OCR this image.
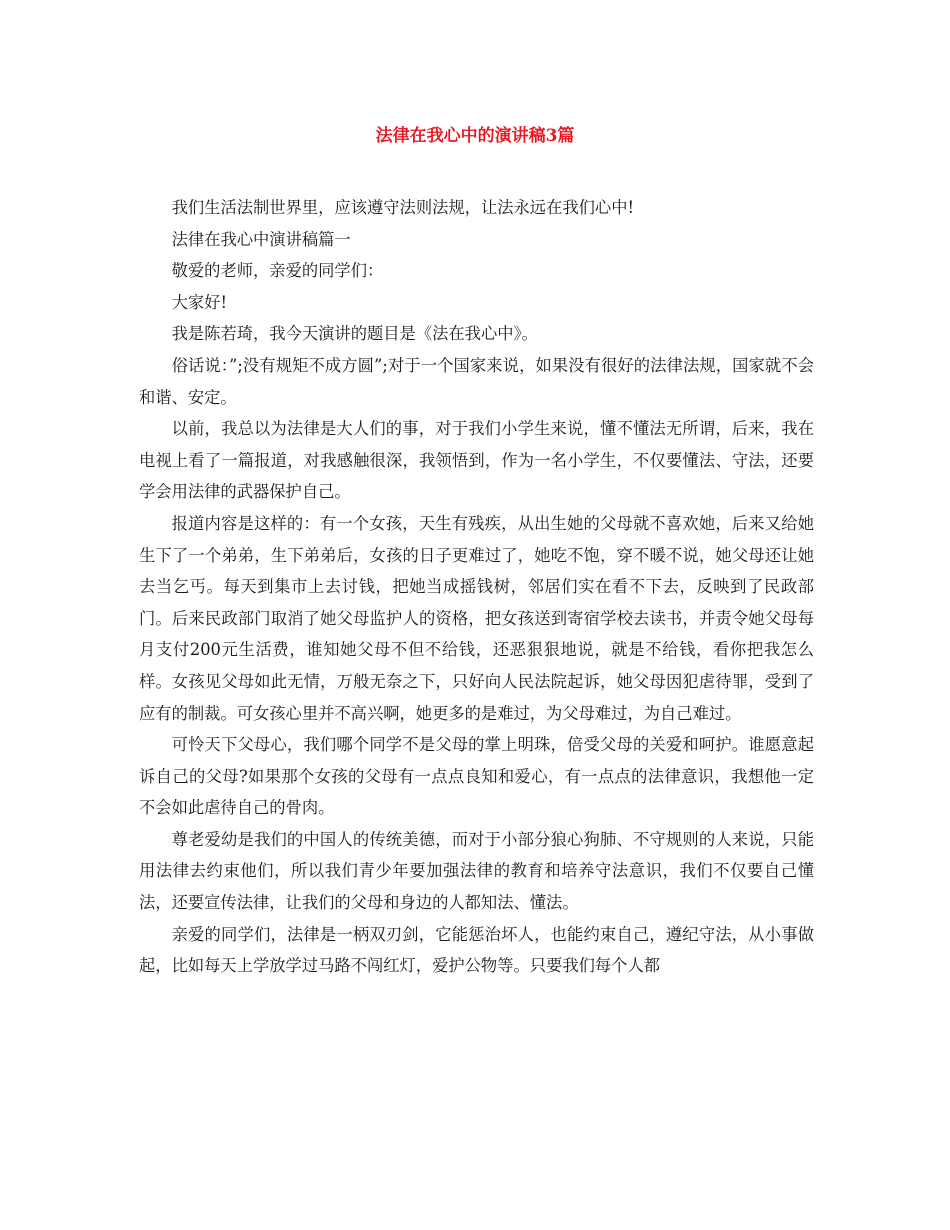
法律在我心中的演讲稿3篇

我们生活法制世界里，应该遵守法则法规，让法永远在我们心中!

法律在我心中演讲稿篇一

敬爱的老师，亲爱的同学们：

大家好!

我是陈若琦，我今天演讲的题目是《法在我心中》。

俗话说：”;没有规矩不成方圆”;对于一个国家来说，如果没有很好的法律法规，国家就不会和谐、安定。

以前，我总以为法律是大人们的事，对于我们小学生来说，懂不懂法无所谓，后来，我在电视上看了一篇报道，对我感触很深，我领悟到，作为一名小学生，不仅要懂法、守法，还要学会用法律的武器保护自己。

报道内容是这样的：有一个女孩，天生有残疾，从出生她的父母就不喜欢她，后来又给她生下了一个弟弟，生下弟弟后，女孩的日子更难过了，她吃不饱，穿不暖不说，她父母还让她去当乞丐。每天到集市上去讨钱，把她当成摇钱树，邻居们实在看不下去，反映到了民政部门。后来民政部门取消了她父母监护人的资格，把女孩送到寄宿学校去读书，并责令她父母每月支付200元生活费，谁知她父母不但不给钱，还恶狠狠地说，就是不给钱，看你把我怎么样。女孩见父母如此无情，万般无奈之下，只好向人民法院起诉，她父母因犯虐待罪，受到了应有的制裁。可女孩心里并不高兴啊，她更多的是难过，为父母难过，为自己难过。

可怜天下父母心，我们哪个同学不是父母的掌上明珠，倍受父母的关爱和呵护。谁愿意起诉自己的父母?如果那个女孩的父母有一点点良知和爱心，有一点点的法律意识，我想他一定不会如此虐待自己的骨肉。

尊老爱幼是我们的中国人的传统美德，而对于小部分狼心狗肺、不守规则的人来说，只能用法律去约束他们，所以我们青少年要加强法律的教育和培养守法意识，我们不仅要自己懂法，还要宣传法律，让我们的父母和身边的人都知法、懂法。

亲爱的同学们，法律是一柄双刃剑，它能惩治坏人，也能约束自己，遵纪守法，从小事做起，比如每天上学放学过马路不闯红灯，爱护公物等。只要我们每个人都
